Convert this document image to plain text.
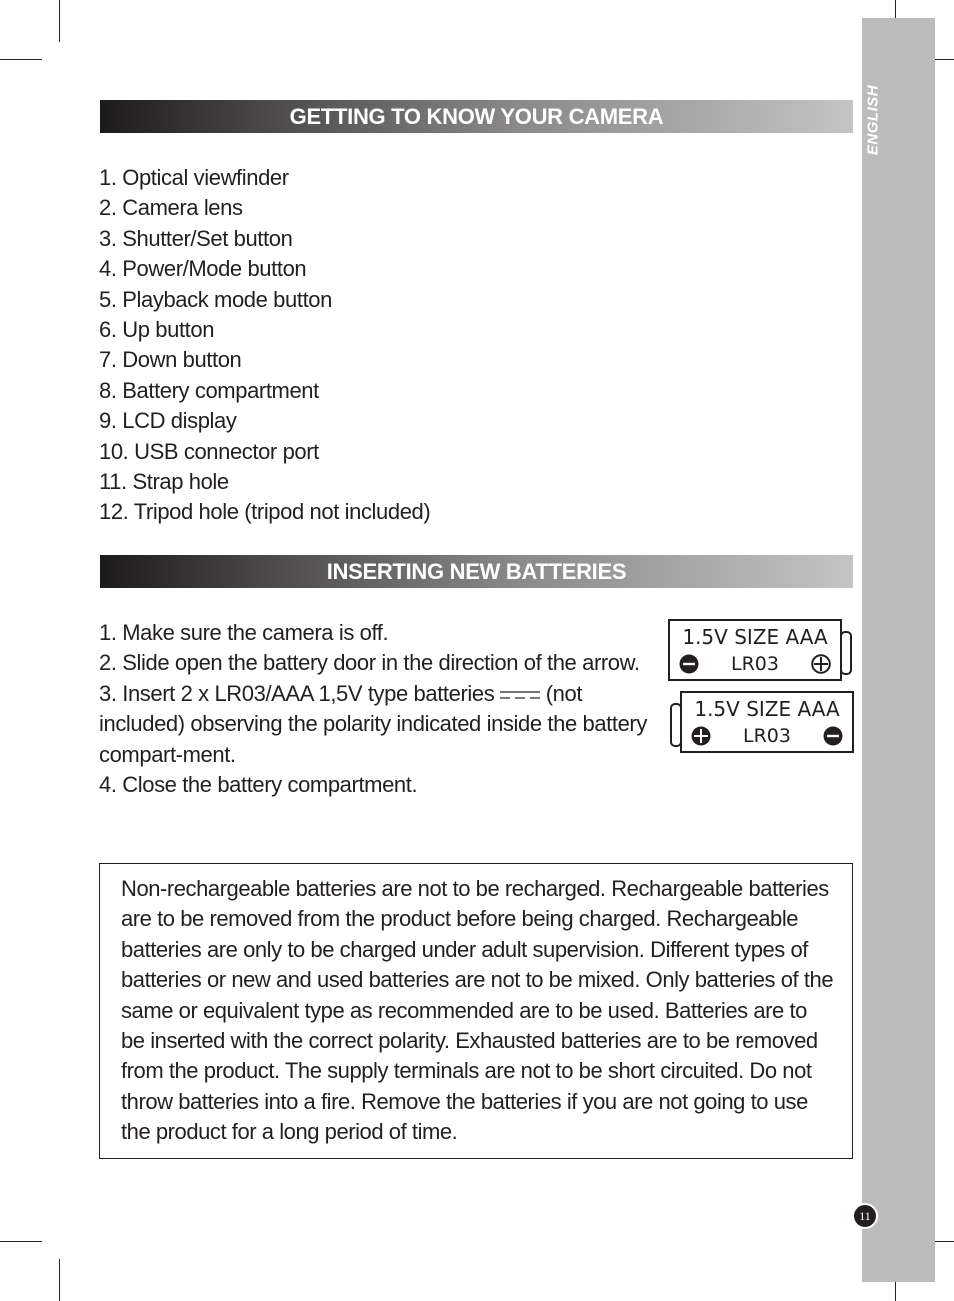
ENGLISH
GETTING TO KNOW YOUR CAMERA
1. Optical viewfinder
2. Camera lens
3. Shutter/Set button
4. Power/Mode button
5. Playback mode button
6. Up button
7. Down button
8. Battery compartment
9. LCD display
10. USB connector port
11. Strap hole
12. Tripod hole (tripod not included)
INSERTING NEW BATTERIES

1. Make sure the camera is off.

2. Slide open the battery door in the direction of the arrow.

3. Insert 2 x LR03/AAA 1,5V type batteries  (not included) observing the polarity indicated inside the battery compart-ment.

4. Close the battery compartment.

1.5V SIZE AAA
LR03
1.5V SIZE AAA
LR03

Non-rechargeable batteries are not to be recharged. Rechargeable batteries are to be removed from the product before being charged. Rechargeable batteries are only to be charged under adult supervision. Different types of batteries or new and used batteries are not to be mixed. Only batteries of the same or equivalent type as recommended are to be used. Batteries are to be inserted with the correct polarity. Exhausted batteries are to be removed from the product. The supply terminals are not to be short circuited. Do not throw batteries into a fire. Remove the batteries if you are not going to use the product for a long period of time.

11
